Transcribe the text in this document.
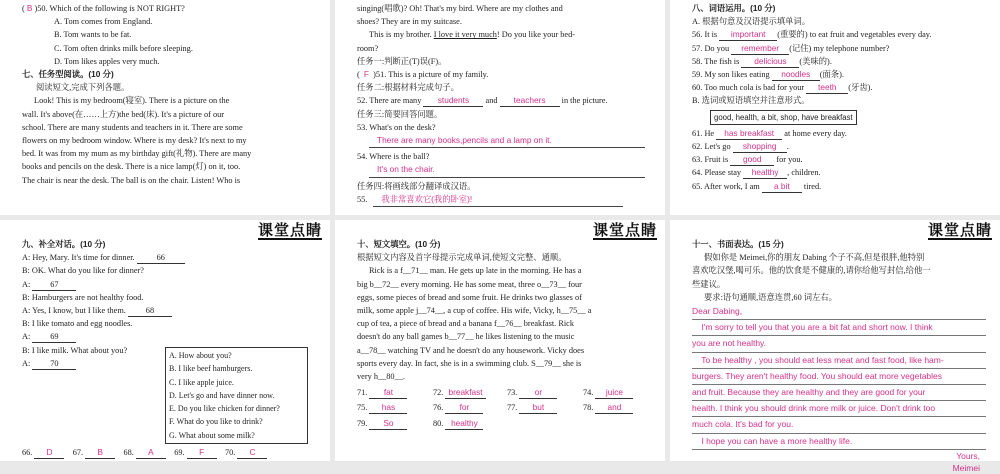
( B )50. Which of the following is NOT RIGHT?
A. Tom comes from England.
B. Tom wants to be fat.
C. Tom often drinks milk before sleeping.
D. Tom likes apples very much.
七、任务型阅读。(10 分)
阅读短文,完成下列各题。
Look! This is my bedroom(寝室). There is a picture on the
wall. It's above(在……上方)the bed(床). It's a picture of our
school. There are many students and teachers in it. There are some
flowers on my bedroom window. Where is my desk? It's next to my
bed. It was from my mum as my birthday gift(礼物). There are many
books and pencils on the desk. There is a nice lamp(灯) on it, too.
The chair is near the desk. The ball is on the chair. Listen! Who is
singing(唱歌)? Oh! That's my bird. Where are my clothes and
shoes? They are in my suitcase.
This is my brother. I love it very much! Do you like your bed-
room?
任务一:判断正(T)误(F)。
(  F )51. This is a picture of my family.
任务二:根据材料完成句子。
52. There are many students and teachers in the picture.
任务三:简要回答问题。
53. What's on the desk?
There are many books,pencils and a lamp on it.
54. Where is the ball?
It's on the chair.
任务四:将画线部分翻译成汉语。
55. 我非常喜欢它(我的卧室)!
八、词语运用。(10 分)
A. 根据句意及汉语提示填单词。
56. It is important (重要的) to eat fruit and vegetables every day.
57. Do you remember (记住) my telephone number?
58. The fish is delicious (美味的).
59. My son likes eating noodles (面条).
60. Too much cola is bad for your teeth (牙齿).
B. 选词或短语填空并注意形式。
good, health, a bit, shop, have breakfast
61. He has breakfast at home every day.
62. Let's go shopping .
63. Fruit is good for you.
64. Please stay healthy , children.
65. After work, I am a bit tired.
课堂点睛
九、补全对话。(10 分)
A: Hey, Mary. It's time for dinner.	66
B: OK. What do you like for dinner?
A: 67
B: Hamburgers are not healthy food.
A: Yes, I know, but I like them. 68
B: I like tomato and egg noodles.
A: 69
B: I like milk. What about you?
A: 70
A. How about you?
B. I like beef hamburgers.
C. I like apple juice.
D. Let's go and have dinner now.
E. Do you like chicken for dinner?
F. What do you like to drink?
G. What about some milk?
66. D 67. B 68. A 69. F	70. C
课堂点睛
十、短文填空。(10 分)
根据短文内容及首字母提示完成单词,使短文完整、通顺。
Rick is a f__71__ man. He gets up late in the morning. He has a
big b__72__ every morning. He has some meat, three o__73__ four
eggs, some pieces of bread and some fruit. He drinks two glasses of
milk, some apple j__74__, a cup of coffee. His wife, Vicky, h__75__ a
cup of tea, a piece of bread and a banana f__76__ breakfast. Rick
doesn't do any ball games b__77__ he likes listening to the music
a__78__ watching TV and he doesn't do any housework. Vicky does
sports every day. In fact, she is in a swimming club. S__79__ she is
very h__80__.
71. fat	72. breakfast	73. or	74. juice
75. has	76. for	77. but	78. and
79. So	80. healthy
课堂点睛
十一、书面表达。(15 分)
假如你是 Meimei,你的朋友 Dabing 个子不高,但是很胖,他特别
喜欢吃汉堡,喝可乐。他的饮食是不健康的,请你给他写封信,给他一
些建议。
要求:语句通顺,语意连贯,60 词左右。
Dear Dabing,
I'm sorry to tell you that you are a bit fat and short now. I think
you are not healthy.
To be healthy , you should eat less meat and fast food, like ham-
burgers. They aren't healthy food. You should eat more vegetables
and fruit. Because they are healthy and they are good for your
health. I think you should drink more milk or juice. Don't drink too
much cola. It's bad for you.
I hope you can have a more healthy life.
Yours,
Meimei
